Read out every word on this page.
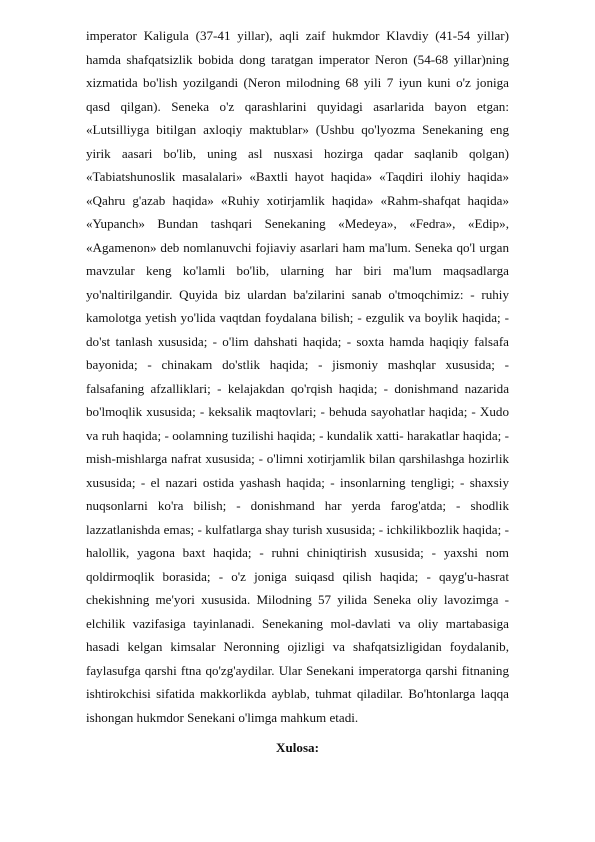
imperator Kaligula (37-41 yillar), aqli zaif hukmdor Klavdiy (41-54 yillar) hamda shafqatsizlik bobida dong taratgan imperator Neron (54-68 yillar)ning xizmatida bo'lish yozilgandi (Neron milodning 68 yili 7 iyun kuni o'z joniga qasd qilgan). Seneka o'z qarashlarini quyidagi asarlarida bayon etgan: «Lutsilliyga bitilgan axloqiy maktublar» (Ushbu qo'lyozma Senekaning eng yirik aasari bo'lib, uning asl nusxasi hozirga qadar saqlanib qolgan) «Tabiatshunoslik masalalari» «Baxtli hayot haqida» «Taqdiri ilohiy haqida» «Qahru g'azab haqida» «Ruhiy xotirjamlik haqida» «Rahm-shafqat haqida» «Yupanch» Bundan tashqari Senekaning «Medeya», «Fedra», «Edip», «Agamenon» deb nomlanuvchi fojiaviy asarlari ham ma'lum. Seneka qo'l urgan mavzular keng ko'lamli bo'lib, ularning har biri ma'lum maqsadlarga yo'naltirilgandir. Quyida biz ulardan ba'zilarini sanab o'tmoqchimiz: - ruhiy kamolotga yetish yo'lida vaqtdan foydalana bilish; - ezgulik va boylik haqida; - do'st tanlash xususida; - o'lim dahshati haqida; - soxta hamda haqiqiy falsafa bayonida; - chinakam do'stlik haqida; - jismoniy mashqlar xususida; - falsafaning afzalliklari; - kelajakdan qo'rqish haqida; - donishmand nazarida bo'lmoqlik xususida; - keksalik maqtovlari; - behuda sayohatlar haqida; - Xudo va ruh haqida; - oolamning tuzilishi haqida; - kundalik xatti- harakatlar haqida; - mish-mishlarga nafrat xususida; - o'limni xotirjamlik bilan qarshilashga hozirlik xususida; - el nazari ostida yashash haqida; - insonlarning tengligi; - shaxsiy nuqsonlarni ko'ra bilish; - donishmand har yerda farog'atda; - shodlik lazzatlanishda emas; - kulfatlarga shay turish xususida; - ichkilikbozlik haqida; - halollik, yagona baxt haqida; - ruhni chiniqtirish xususida; - yaxshi nom qoldirmoqlik borasida; - o'z joniga suiqasd qilish haqida; - qayg'u-hasrat chekishning me'yori xususida. Milodning 57 yilida Seneka oliy lavozimga - elchilik vazifasiga tayinlanadi. Senekaning mol-davlati va oliy martabasiga hasadi kelgan kimsalar Neronning ojizligi va shafqatsizligidan foydalanib, faylasufga qarshi ftna qo'zg'aydilar. Ular Senekani imperatorga qarshi fitnaning ishtirokchisi sifatida makkorlikda ayblab, tuhmat qiladilar. Bo'htonlarga laqqa ishongan hukmdor Senekani o'limga mahkum etadi.

Xulosa:
